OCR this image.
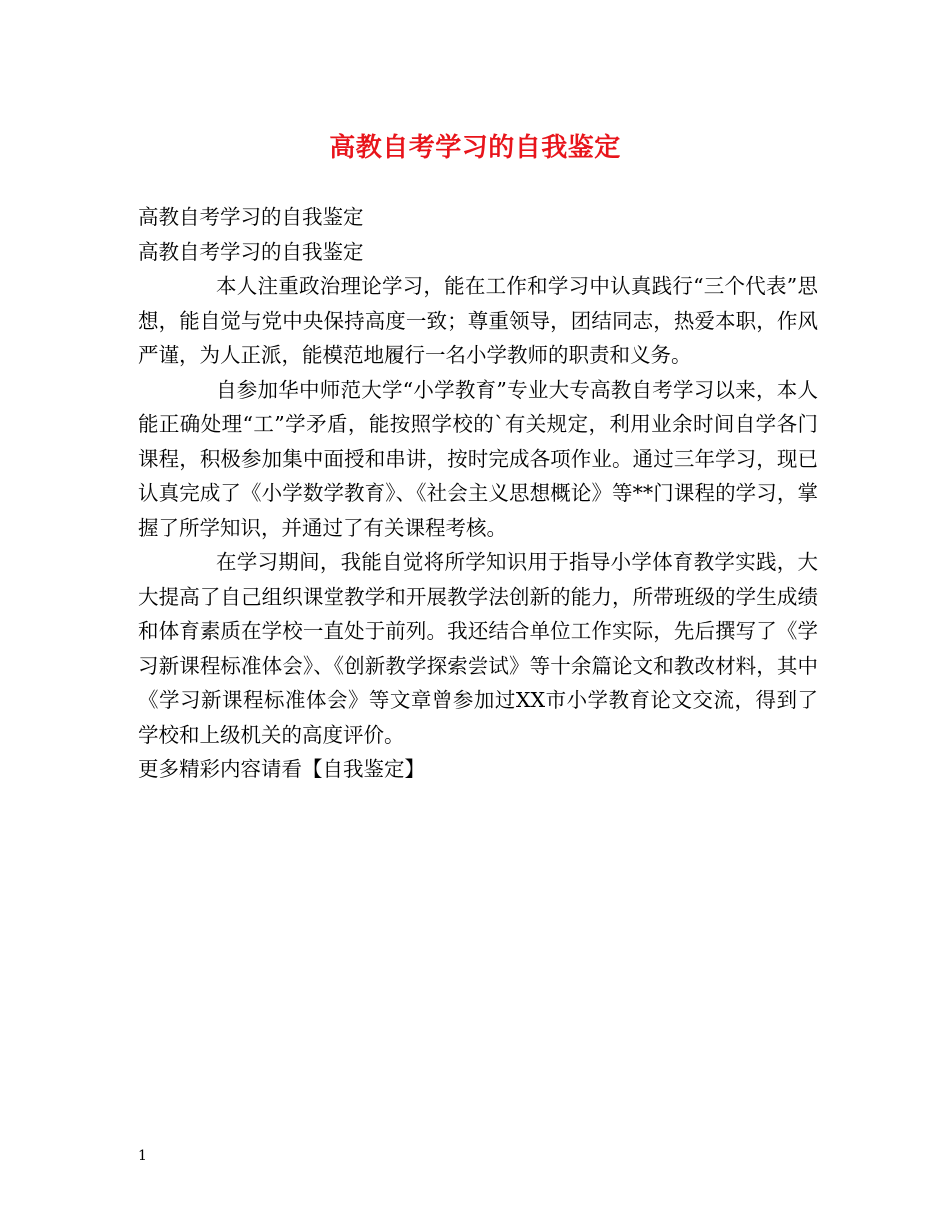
高教自考学习的自我鉴定

高教自考学习的自我鉴定

高教自考学习的自我鉴定

本人注重政治理论学习，能在工作和学习中认真践行“三个代表”思想，能自觉与党中央保持高度一致；尊重领导，团结同志，热爱本职，作风严谨，为人正派，能模范地履行一名小学教师的职责和义务。

自参加华中师范大学“小学教育”专业大专高教自考学习以来，本人能正确处理“工”学矛盾，能按照学校的`有关规定，利用业余时间自学各门课程，积极参加集中面授和串讲，按时完成各项作业。通过三年学习，现已认真完成了《小学数学教育》、《社会主义思想概论》等**门课程的学习，掌握了所学知识，并通过了有关课程考核。

在学习期间，我能自觉将所学知识用于指导小学体育教学实践，大大提高了自己组织课堂教学和开展教学法创新的能力，所带班级的学生成绩和体育素质在学校一直处于前列。我还结合单位工作实际，先后撰写了《学习新课程标准体会》、《创新教学探索尝试》等十余篇论文和教改材料，其中《学习新课程标准体会》等文章曾参加过XX市小学教育论文交流，得到了学校和上级机关的高度评价。

更多精彩内容请看【自我鉴定】

1
